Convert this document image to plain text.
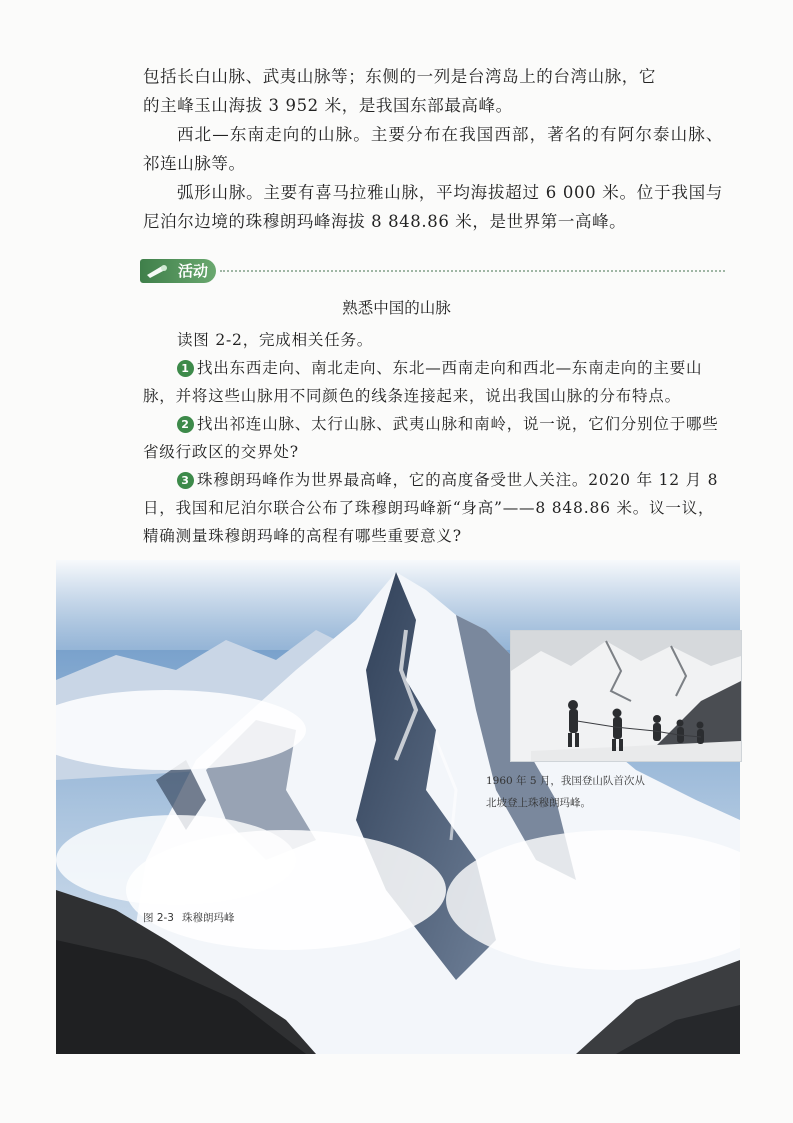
包括长白山脉、武夷山脉等；东侧的一列是台湾岛上的台湾山脉，它
的主峰玉山海拔 3 952 米，是我国东部最高峰。

西北—东南走向的山脉。主要分布在我国西部，著名的有阿尔泰山脉、祁连山脉等。

弧形山脉。主要有喜马拉雅山脉，平均海拔超过 6 000 米。位于我国与尼泊尔边境的珠穆朗玛峰海拔 8 848.86 米，是世界第一高峰。

活动

熟悉中国的山脉

读图 2-2，完成相关任务。

1 找出东西走向、南北走向、东北—西南走向和西北—东南走向的主要山脉，并将这些山脉用不同颜色的线条连接起来，说出我国山脉的分布特点。

2 找出祁连山脉、太行山脉、武夷山脉和南岭，说一说，它们分别位于哪些省级行政区的交界处?

3 珠穆朗玛峰作为世界最高峰，它的高度备受世人关注。2020 年 12 月 8 日，我国和尼泊尔联合公布了珠穆朗玛峰新“身高”——8 848.86 米。议一议，精确测量珠穆朗玛峰的高程有哪些重要意义?

1960 年 5 月，我国登山队首次从
北坡登上珠穆朗玛峰。

图 2-3 珠穆朗玛峰
